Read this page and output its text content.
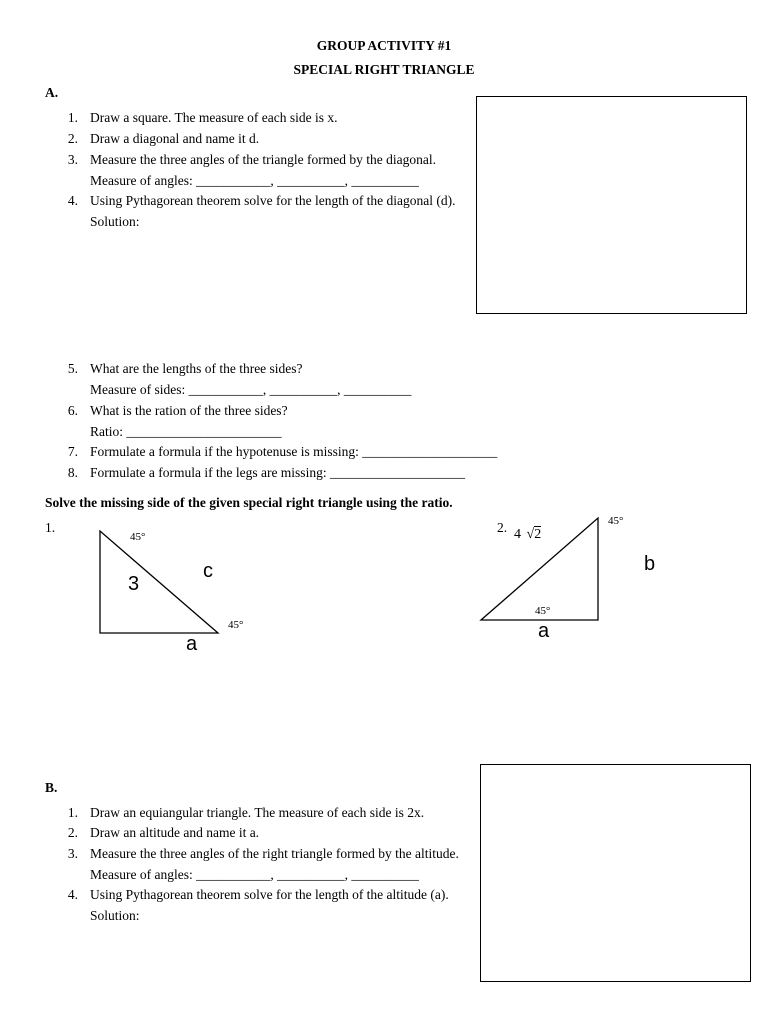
GROUP ACTIVITY #1
SPECIAL RIGHT TRIANGLE
A.
1. Draw a square. The measure of each side is x.
2. Draw a diagonal and name it d.
3. Measure the three angles of the triangle formed by the diagonal.
Measure of angles: ___________, __________, __________
4. Using Pythagorean theorem solve for the length of the diagonal (d).
Solution:
5. What are the lengths of the three sides?
Measure of sides: ___________, __________, __________
6. What is the ration of the three sides?
Ratio: _______________________
7. Formulate a formula if the hypotenuse is missing: ____________________
8. Formulate a formula if the legs are missing: ____________________
Solve the missing side of the given special right triangle using the ratio.
1.
45°
45°
3
c
a
2. 4 √2
45°
45°
b
a
B.
1. Draw an equiangular triangle. The measure of each side is 2x.
2. Draw an altitude and name it a.
3. Measure the three angles of the right triangle formed by the altitude.
Measure of angles: ___________, __________, __________
4. Using Pythagorean theorem solve for the length of the altitude (a).
Solution:
